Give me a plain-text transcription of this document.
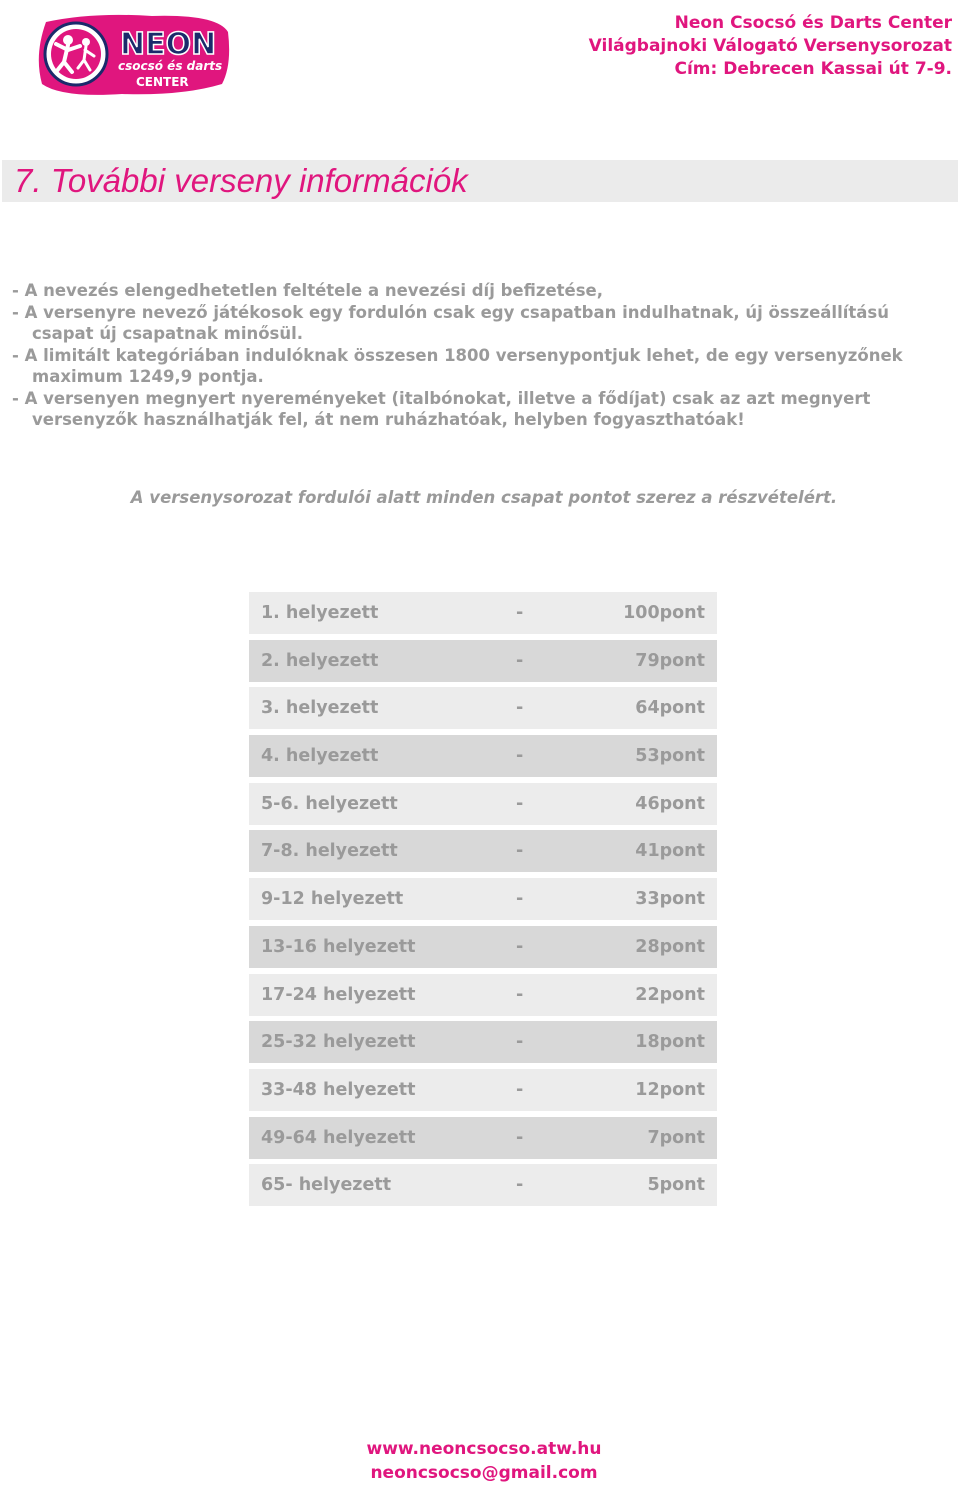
NEON
csocsó és darts
CENTER
Neon Csocsó és Darts Center
Világbajnoki Válogató Versenysorozat
Cím: Debrecen Kassai út 7-9.
7. További verseny információk

- A nevezés elengedhetetlen feltétele a nevezési díj befizetése,

- A versenyre nevező játékosok egy fordulón csak egy csapatban indulhatnak, új összeállítású csapat új csapatnak minősül.

- A limitált kategóriában indulóknak összesen 1800 versenypontjuk lehet, de egy versenyzőnek maximum 1249,9 pontja.

- A versenyen megnyert nyereményeket (italbónokat, illetve a fődíjat) csak az azt megnyert versenyzők használhatják fel, át nem ruházhatóak, helyben fogyaszthatóak!

A versenysorozat fordulói alatt minden csapat pontot szerez a részvételért.
1. helyezett	-	100pont
2. helyezett	-	79pont
3. helyezett	-	64pont
4. helyezett	-	53pont
5-6. helyezett	-	46pont
7-8. helyezett	-	41pont
9-12 helyezett	-	33pont
13-16 helyezett	-	28pont
17-24 helyezett	-	22pont
25-32 helyezett	-	18pont
33-48 helyezett	-	12pont
49-64 helyezett	-	7pont
65- helyezett	-	5pont
www.neoncsocso.atw.hu
neoncsocso@gmail.com
